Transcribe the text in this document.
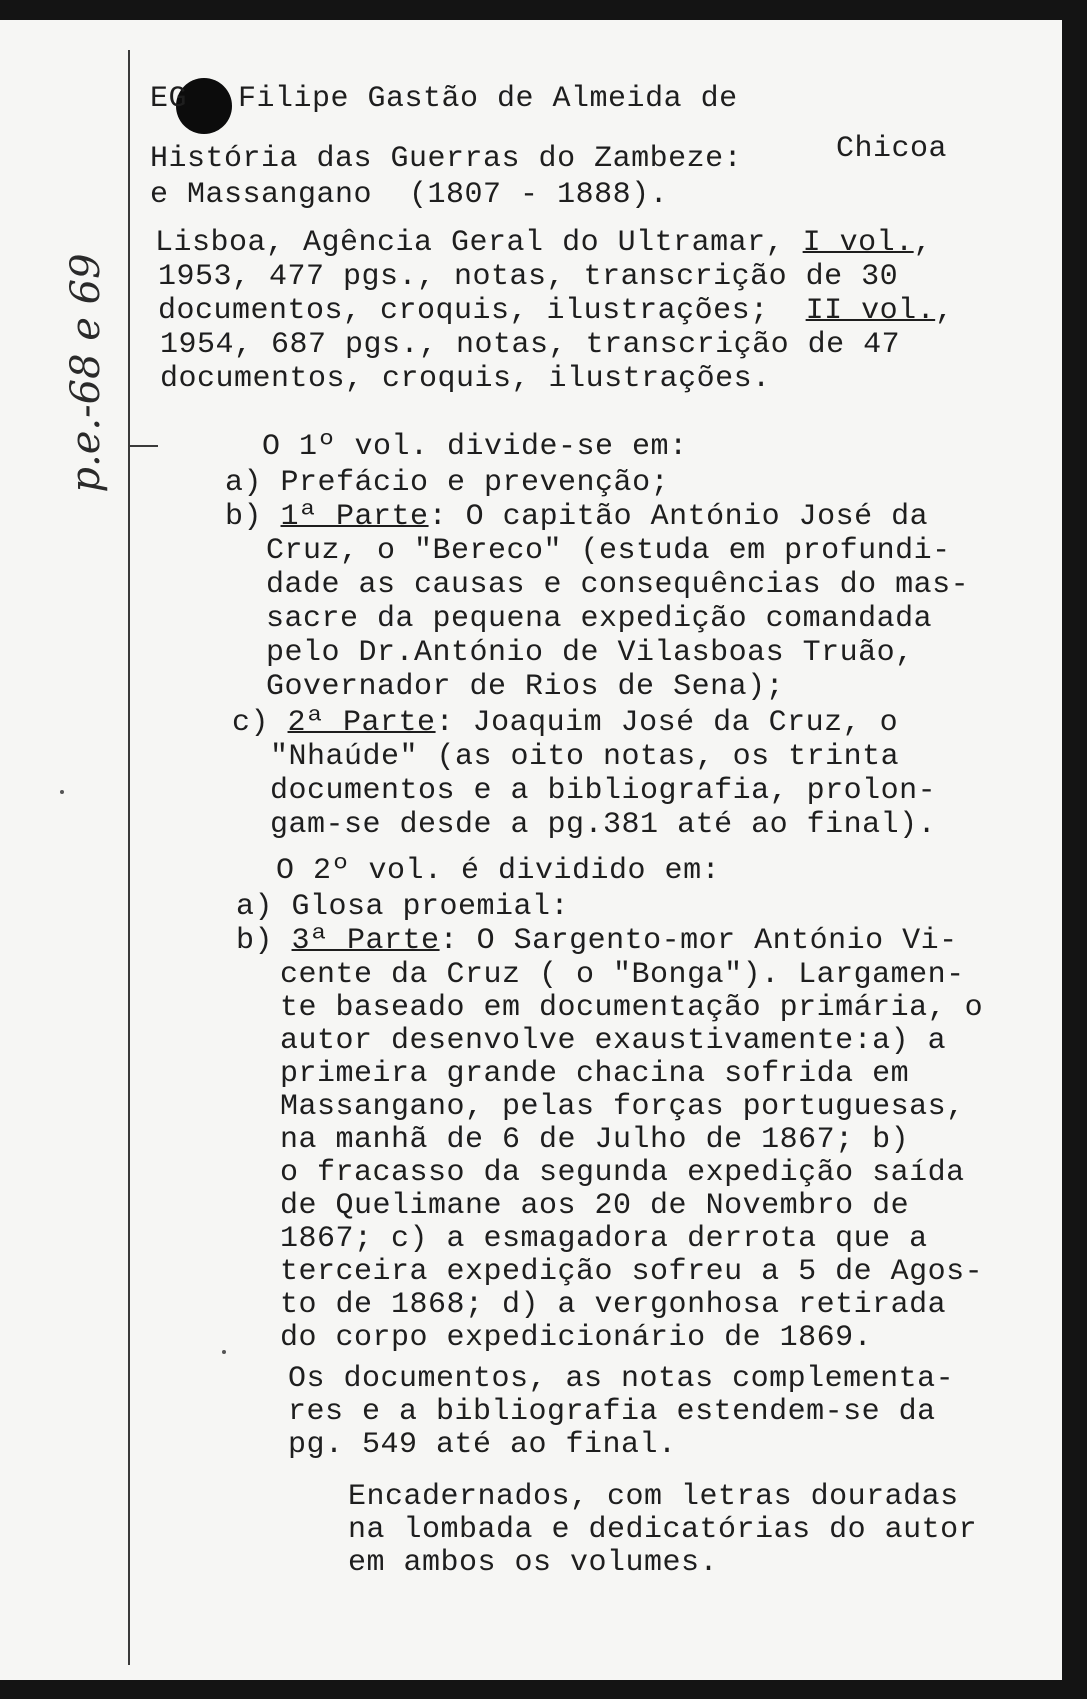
p.e.-68 e 69
EG Filipe Gastão de Almeida de
História das Guerras do Zambeze:	Chicoa
e Massangano  (1807 - 1888).
Lisboa, Agência Geral do Ultramar, I vol.,
1953, 477 pgs., notas, transcrição de 30
documentos, croquis, ilustrações; II vol.,
1954, 687 pgs., notas, transcrição de 47
documentos, croquis, ilustrações.
O 1º vol. divide-se em:
a) Prefácio e prevenção;
b) 1ª Parte: O capitão António José da
Cruz, o "Bereco" (estuda em profundi-
dade as causas e consequências do mas-
sacre da pequena expedição comandada
pelo Dr.António de Vilasboas Truão,
Governador de Rios de Sena);
c) 2ª Parte: Joaquim José da Cruz, o
"Nhaúde" (as oito notas, os trinta
documentos e a bibliografia, prolon-
gam-se desde a pg.381 até ao final).
O 2º vol. é dividido em:
a) Glosa proemial:
b) 3ª Parte: O Sargento-mor António Vi-
cente da Cruz ( o "Bonga"). Largamen-
te baseado em documentação primária, o
autor desenvolve exaustivamente:a) a
primeira grande chacina sofrida em
Massangano, pelas forças portuguesas,
na manhã de 6 de Julho de 1867; b)
o fracasso da segunda expedição saída
de Quelimane aos 20 de Novembro de
1867; c) a esmagadora derrota que a
terceira expedição sofreu a 5 de Agos-
to de 1868; d) a vergonhosa retirada
do corpo expedicionário de 1869.
Os documentos, as notas complementa-
res e a bibliografia estendem-se da
pg. 549 até ao final.
Encadernados, com letras douradas
na lombada e dedicatórias do autor
em ambos os volumes.
